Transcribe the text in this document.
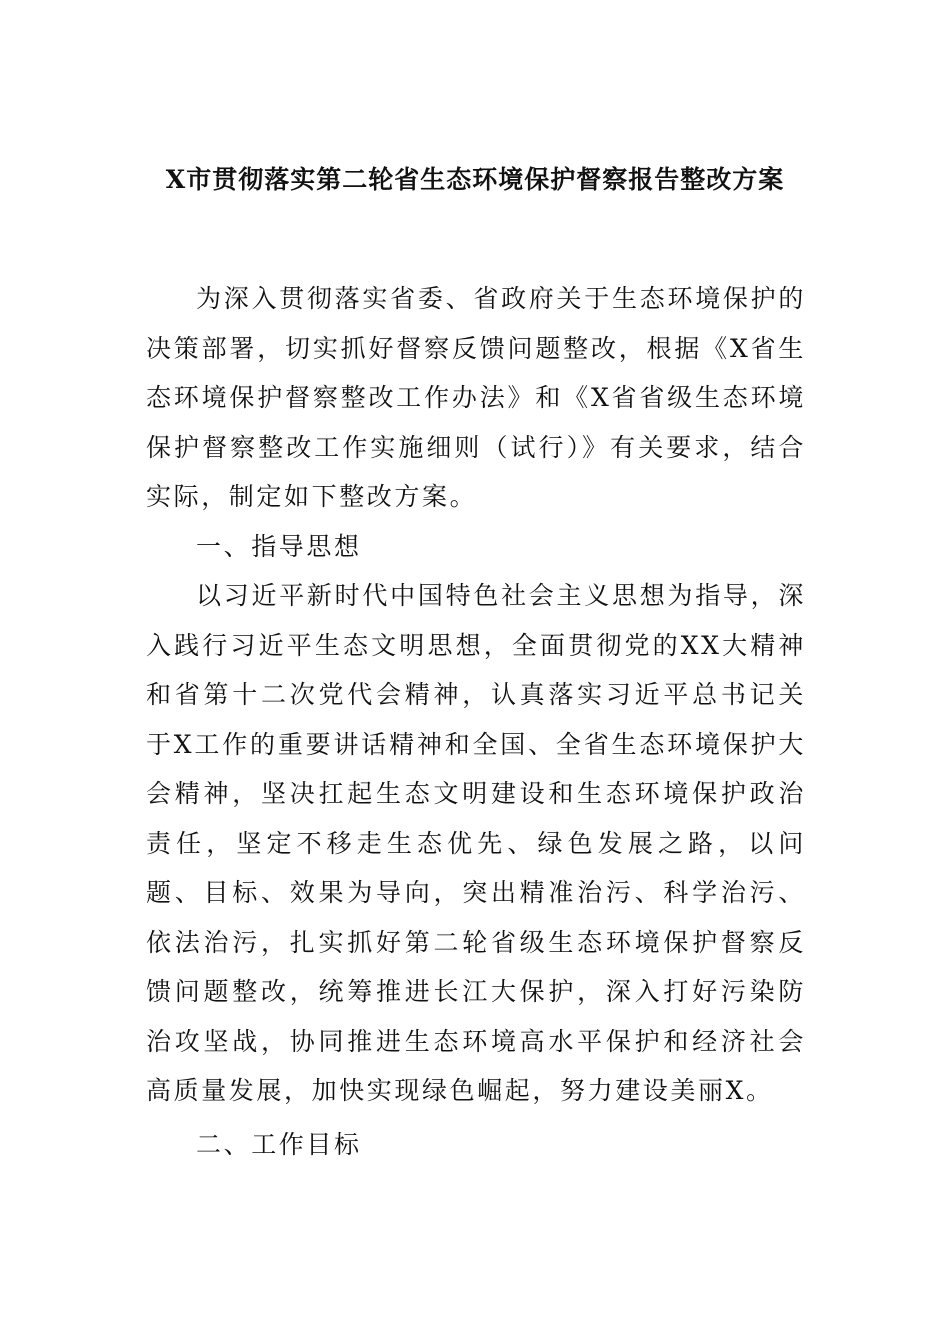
X市贯彻落实第二轮省生态环境保护督察报告整改方案

为深入贯彻落实省委、省政府关于生态环境保护的决策部署，切实抓好督察反馈问题整改，根据《X省生态环境保护督察整改工作办法》和《X省省级生态环境保护督察整改工作实施细则（试行）》有关要求，结合实际，制定如下整改方案。

一、指导思想

以习近平新时代中国特色社会主义思想为指导，深入践行习近平生态文明思想，全面贯彻党的XX大精神和省第十二次党代会精神，认真落实习近平总书记关于X工作的重要讲话精神和全国、全省生态环境保护大会精神，坚决扛起生态文明建设和生态环境保护政治责任，坚定不移走生态优先、绿色发展之路，以问题、目标、效果为导向，突出精准治污、科学治污、依法治污，扎实抓好第二轮省级生态环境保护督察反馈问题整改，统筹推进长江大保护，深入打好污染防治攻坚战，协同推进生态环境高水平保护和经济社会高质量发展，加快实现绿色崛起，努力建设美丽X。

二、工作目标
